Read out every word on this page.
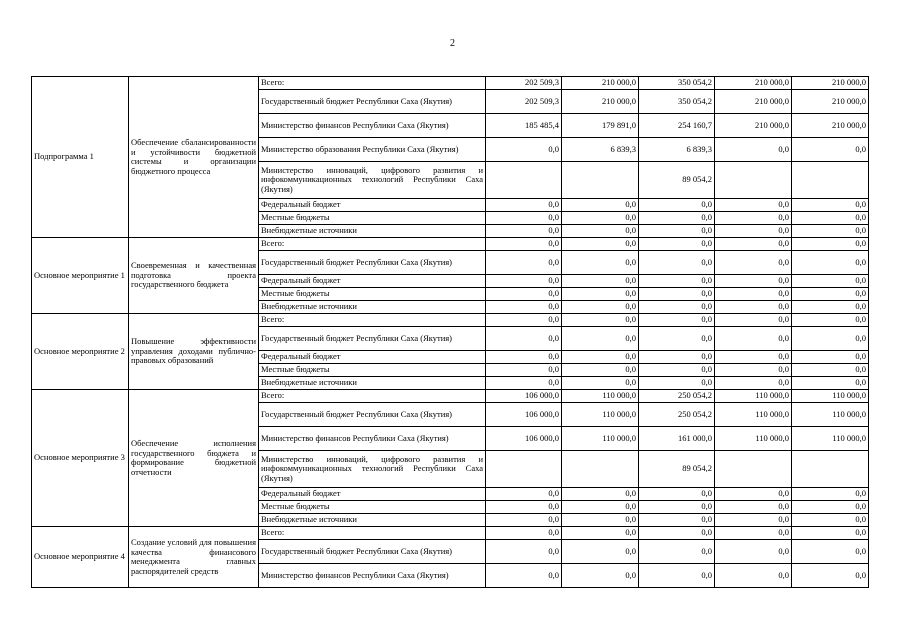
2
Подпрограмма 1	Обеспечение сбалансированности и устойчивости бюджетной системы и организации бюджетного процесса	Всего:	202 509,3	210 000,0	350 054,2	210 000,0	210 000,0
		Государственный бюджет Республики Саха (Якутия)	202 509,3	210 000,0	350 054,2	210 000,0	210 000,0
		Министерство финансов Республики Саха (Якутия)	185 485,4	179 891,0	254 160,7	210 000,0	210 000,0
		Министерство образования Республики Саха (Якутия)	0,0	6 839,3	6 839,3	0,0	0,0
		Министерство инноваций, цифрового развития и инфокоммуникационных технологий Республики Саха (Якутия)			89 054,2		
		Федеральный бюджет	0,0	0,0	0,0	0,0	0,0
		Местные бюджеты	0,0	0,0	0,0	0,0	0,0
		Внебюджетные источники	0,0	0,0	0,0	0,0	0,0
Основное мероприятие 1	Своевременная и качественная подготовка проекта государственного бюджета	Всего:	0,0	0,0	0,0	0,0	0,0
		Государственный бюджет Республики Саха (Якутия)	0,0	0,0	0,0	0,0	0,0
		Федеральный бюджет	0,0	0,0	0,0	0,0	0,0
		Местные бюджеты	0,0	0,0	0,0	0,0	0,0
		Внебюджетные источники	0,0	0,0	0,0	0,0	0,0
Основное мероприятие 2	Повышение эффективности управления доходами публично-правовых образований	Всего:	0,0	0,0	0,0	0,0	0,0
		Государственный бюджет Республики Саха (Якутия)	0,0	0,0	0,0	0,0	0,0
		Федеральный бюджет	0,0	0,0	0,0	0,0	0,0
		Местные бюджеты	0,0	0,0	0,0	0,0	0,0
		Внебюджетные источники	0,0	0,0	0,0	0,0	0,0
Основное мероприятие 3	Обеспечение исполнения государственного бюджета и формирование бюджетной отчетности	Всего:	106 000,0	110 000,0	250 054,2	110 000,0	110 000,0
		Государственный бюджет Республики Саха (Якутия)	106 000,0	110 000,0	250 054,2	110 000,0	110 000,0
		Министерство финансов Республики Саха (Якутия)	106 000,0	110 000,0	161 000,0	110 000,0	110 000,0
		Министерство инноваций, цифрового развития и инфокоммуникационных технологий Республики Саха (Якутия)			89 054,2		
		Федеральный бюджет	0,0	0,0	0,0	0,0	0,0
		Местные бюджеты	0,0	0,0	0,0	0,0	0,0
		Внебюджетные источники	0,0	0,0	0,0	0,0	0,0
Основное мероприятие 4	Создание условий для повышения качества финансового менеджмента главных распорядителей средств	Всего:	0,0	0,0	0,0	0,0	0,0
		Государственный бюджет Республики Саха (Якутия)	0,0	0,0	0,0	0,0	0,0
		Министерство финансов Республики Саха (Якутия)	0,0	0,0	0,0	0,0	0,0
